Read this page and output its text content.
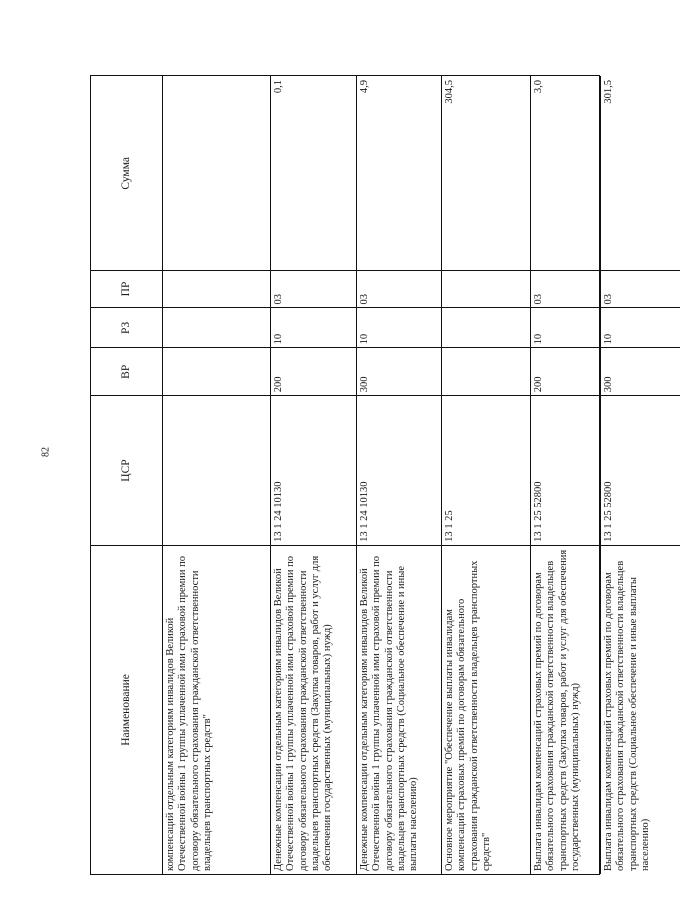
82
Наименование
ЦСР
ВР
РЗ
ПР
Сумма
компенсаций отдельным категориям инвалидов Великой Отечественной войны 1 группы уплаченной ими страховой премии по договору обязательного страхования гражданской ответственности владельцев транспортных средств"	Денежные компенсации отдельным категориям инвалидов Великой Отечественной войны 1 группы уплаченной ими страховой премии по договору обязательного страхования гражданской ответственности владельцев транспортных средств (Закупка товаров, работ и услуг для обеспечения государственных (муниципальных) нужд)
13 1 24 10130
200
10
03
0,1
Денежные компенсации отдельным категориям инвалидов Великой Отечественной войны 1 группы уплаченной ими страховой премии по договору обязательного страхования гражданской ответственности владельцев транспортных средств (Социальное обеспечение и иные выплаты населению)
13 1 24 10130
300
10
03
4,9
Основное мероприятие "Обеспечение выплаты инвалидам компенсаций страховых премий по договорам обязательного страхования гражданской ответственности владельцев транспортных средств"
13 1 25
304,5
Выплата инвалидам компенсаций страховых премий по договорам обязательного страхования гражданской ответственности владельцев транспортных средств (Закупка товаров, работ и услуг для обеспечения государственных (муниципальных) нужд)
13 1 25 52800
200
10
03
3,0
Выплата инвалидам компенсаций страховых премий по договорам обязательного страхования гражданской ответственности владельцев транспортных средств (Социальное обеспечение и иные выплаты населению)
13 1 25 52800
300
10
03
301,5
